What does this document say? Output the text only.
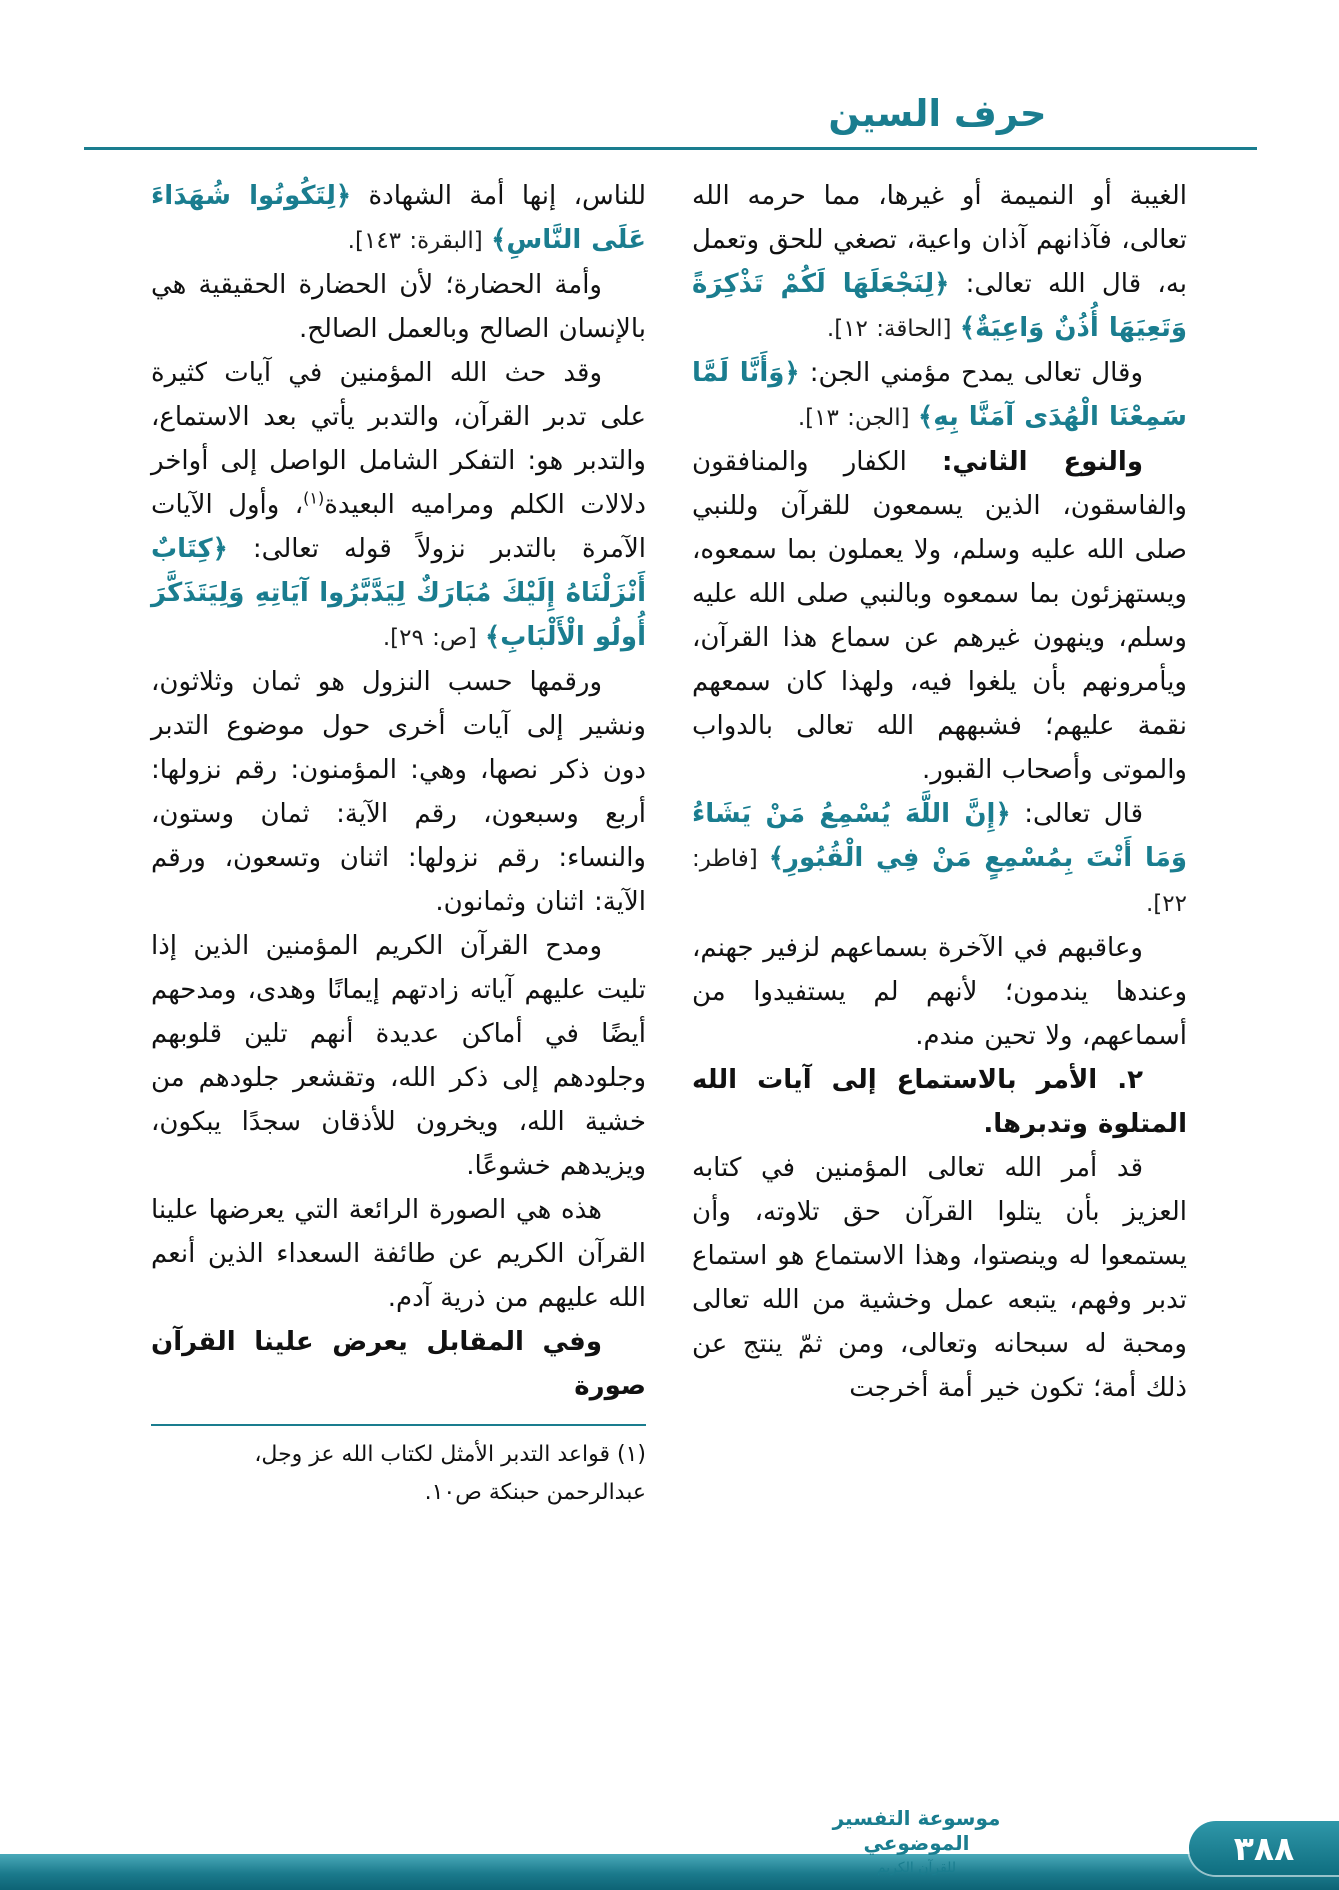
حرف السين

الغيبة أو النميمة أو غيرها، مما حرمه الله تعالى، فآذانهم آذان واعية، تصغي للحق وتعمل به، قال الله تعالى: ﴿لِنَجْعَلَهَا لَكُمْ تَذْكِرَةً وَتَعِيَهَا أُذُنٌ وَاعِيَةٌ﴾ [الحاقة: ١٢].

وقال تعالى يمدح مؤمني الجن: ﴿وَأَنَّا لَمَّا سَمِعْنَا الْهُدَى آمَنَّا بِهِ﴾ [الجن: ١٣].

والنوع الثاني: الكفار والمنافقون والفاسقون، الذين يسمعون للقرآن وللنبي صلى الله عليه وسلم، ولا يعملون بما سمعوه، ويستهزئون بما سمعوه وبالنبي صلى الله عليه وسلم، وينهون غيرهم عن سماع هذا القرآن، ويأمرونهم بأن يلغوا فيه، ولهذا كان سمعهم نقمة عليهم؛ فشبههم الله تعالى بالدواب والموتى وأصحاب القبور.

قال تعالى: ﴿إِنَّ اللَّهَ يُسْمِعُ مَنْ يَشَاءُ وَمَا أَنْتَ بِمُسْمِعٍ مَنْ فِي الْقُبُورِ﴾ [فاطر: ٢٢].

وعاقبهم في الآخرة بسماعهم لزفير جهنم، وعندها يندمون؛ لأنهم لم يستفيدوا من أسماعهم، ولا تحين مندم.

٢. الأمر بالاستماع إلى آيات الله المتلوة وتدبرها.

قد أمر الله تعالى المؤمنين في كتابه العزيز بأن يتلوا القرآن حق تلاوته، وأن يستمعوا له وينصتوا، وهذا الاستماع هو استماع تدبر وفهم، يتبعه عمل وخشية من الله تعالى ومحبة له سبحانه وتعالى، ومن ثمّ ينتج عن ذلك أمة؛ تكون خير أمة أخرجت

للناس، إنها أمة الشهادة ﴿لِتَكُونُوا شُهَدَاءَ عَلَى النَّاسِ﴾ [البقرة: ١٤٣].

وأمة الحضارة؛ لأن الحضارة الحقيقية هي بالإنسان الصالح وبالعمل الصالح.

وقد حث الله المؤمنين في آيات كثيرة على تدبر القرآن، والتدبر يأتي بعد الاستماع، والتدبر هو: التفكر الشامل الواصل إلى أواخر دلالات الكلم ومراميه البعيدة$^{(١)}$، وأول الآيات الآمرة بالتدبر نزولاً قوله تعالى: ﴿كِتَابٌ أَنْزَلْنَاهُ إِلَيْكَ مُبَارَكٌ لِيَدَّبَّرُوا آيَاتِهِ وَلِيَتَذَكَّرَ أُولُو الْأَلْبَابِ﴾ [ص: ٢٩].

ورقمها حسب النزول هو ثمان وثلاثون، ونشير إلى آيات أخرى حول موضوع التدبر دون ذكر نصها، وهي: المؤمنون: رقم نزولها: أربع وسبعون، رقم الآية: ثمان وستون، والنساء: رقم نزولها: اثنان وتسعون، ورقم الآية: اثنان وثمانون.

ومدح القرآن الكريم المؤمنين الذين إذا تليت عليهم آياته زادتهم إيمانًا وهدى، ومدحهم أيضًا في أماكن عديدة أنهم تلين قلوبهم وجلودهم إلى ذكر الله، وتقشعر جلودهم من خشية الله، ويخرون للأذقان سجدًا يبكون، ويزيدهم خشوعًا.

هذه هي الصورة الرائعة التي يعرضها علينا القرآن الكريم عن طائفة السعداء الذين أنعم الله عليهم من ذرية آدم.

وفي المقابل يعرض علينا القرآن صورة

(١) قواعد التدبر الأمثل لكتاب الله عز وجل، عبدالرحمن حبنكة ص١٠.
موسوعة التفسير الموضوعي
للقرآن الكريم
٣٨٨
